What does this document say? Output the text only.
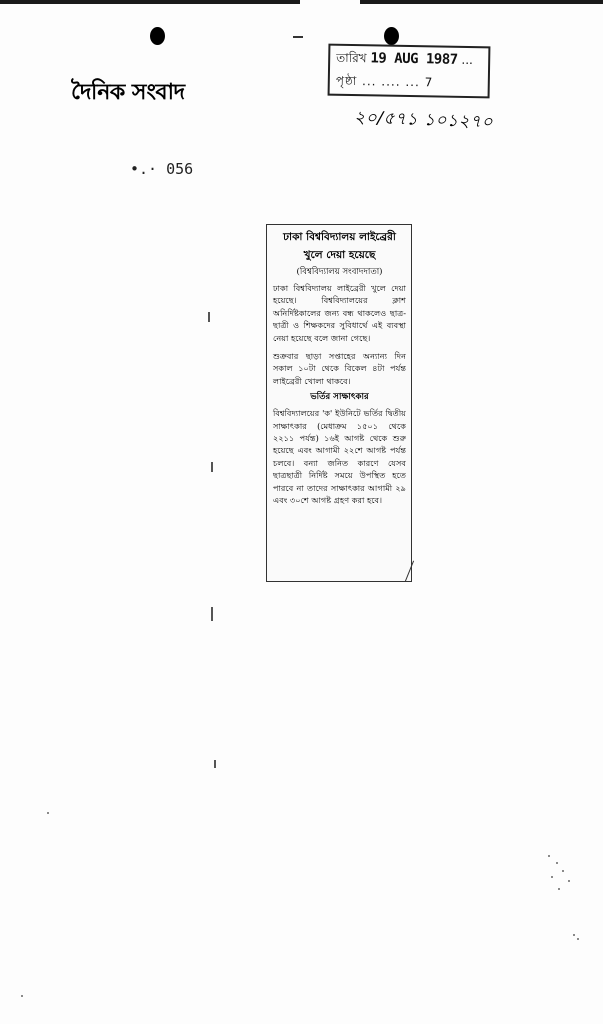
দৈনিক সংবাদ
তারিখ 19 AUG 1987 ...
পৃষ্ঠা ... .... ... 7
২০/৫৭১ ১০১২৭০
•.· 056
ঢাকা বিশ্ববিদ্যালয় লাইব্রেরী খুলে দেয়া হয়েছে
(বিশ্ববিদ্যালয় সংবাদদাতা)
ঢাকা বিশ্ববিদ্যালয় লাইব্রেরী খুলে দেয়া হয়েছে। বিশ্ববিদ্যালয়ের ক্লাশ অনির্দিষ্টকালের জন্য বন্ধ থাকলেও ছাত্র-ছাত্রী ও শিক্ষকদের সুবিধার্থে এই ব্যবস্থা নেয়া হয়েছে বলে জানা গেছে।
শুক্রবার ছাড়া সপ্তাহের অন্যান্য দিন সকাল ১০টা থেকে বিকেল ৪টা পর্যন্ত লাইব্রেরী খোলা থাকবে।
ভর্তির সাক্ষাৎকার
বিশ্ববিদ্যালয়ের 'ক' ইউনিটে ভর্তির দ্বিতীয় সাক্ষাৎকার (মেধাক্রম ১৫০১ থেকে ২২১১ পর্যন্ত) ১৬ই আগষ্ট থেকে শুরু হয়েছে এবং আগামী ২২শে আগষ্ট পর্যন্ত চলবে। বন্যা জনিত কারণে যেসব ছাত্রছাত্রী নির্দিষ্ট সময়ে উপস্থিত হতে পারবে না তাদের সাক্ষাৎকার আগামী ২৯ এবং ৩০শে আগষ্ট গ্রহণ করা হবে।
